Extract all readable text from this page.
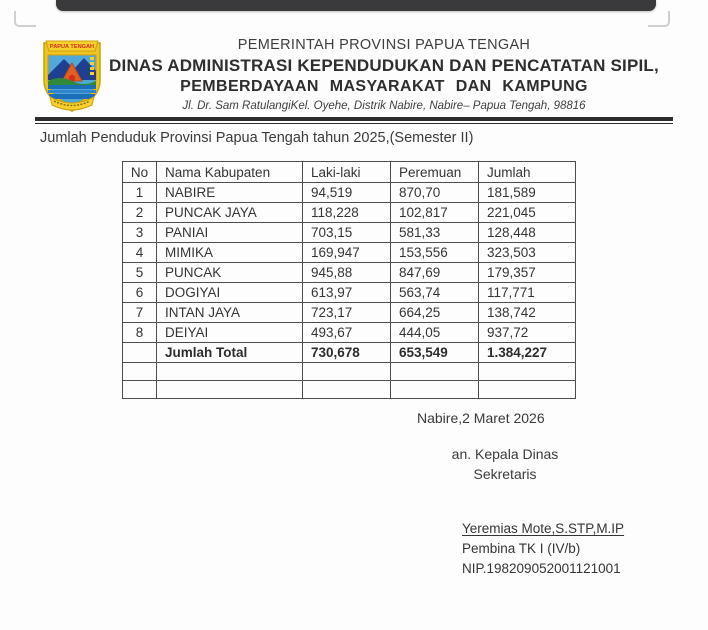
PAPUA TENGAH	PEMERINTAH PROVINSI PAPUA TENGAH
DINAS ADMINISTRASI KEPENDUDUKAN DAN PENCATATAN SIPIL,
PEMBERDAYAAN MASYARAKAT DAN KAMPUNG
Jl. Dr. Sam RatulangiKel. Oyehe, Distrik Nabire, Nabire– Papua Tengah, 98816
Jumlah Penduduk Provinsi Papua Tengah tahun 2025,(Semester II)
No	Nama Kabupaten	Laki-laki	Peremuan	Jumlah
1	NABIRE	94,519	870,70	181,589
2	PUNCAK JAYA	118,228	102,817	221,045
3	PANIAI	703,15	581,33	128,448
4	MIMIKA	169,947	153,556	323,503
5	PUNCAK	945,88	847,69	179,357
6	DOGIYAI	613,97	563,74	117,771
7	INTAN JAYA	723,17	664,25	138,742
8	DEIYAI	493,67	444,05	937,72
	Jumlah Total	730,678	653,549	1.384,227

Nabire,2 Maret 2026
an. Kepala Dinas
Sekretaris
Yeremias Mote,S.STP,M.IP
Pembina TK I (IV/b)
NIP.198209052001121001
